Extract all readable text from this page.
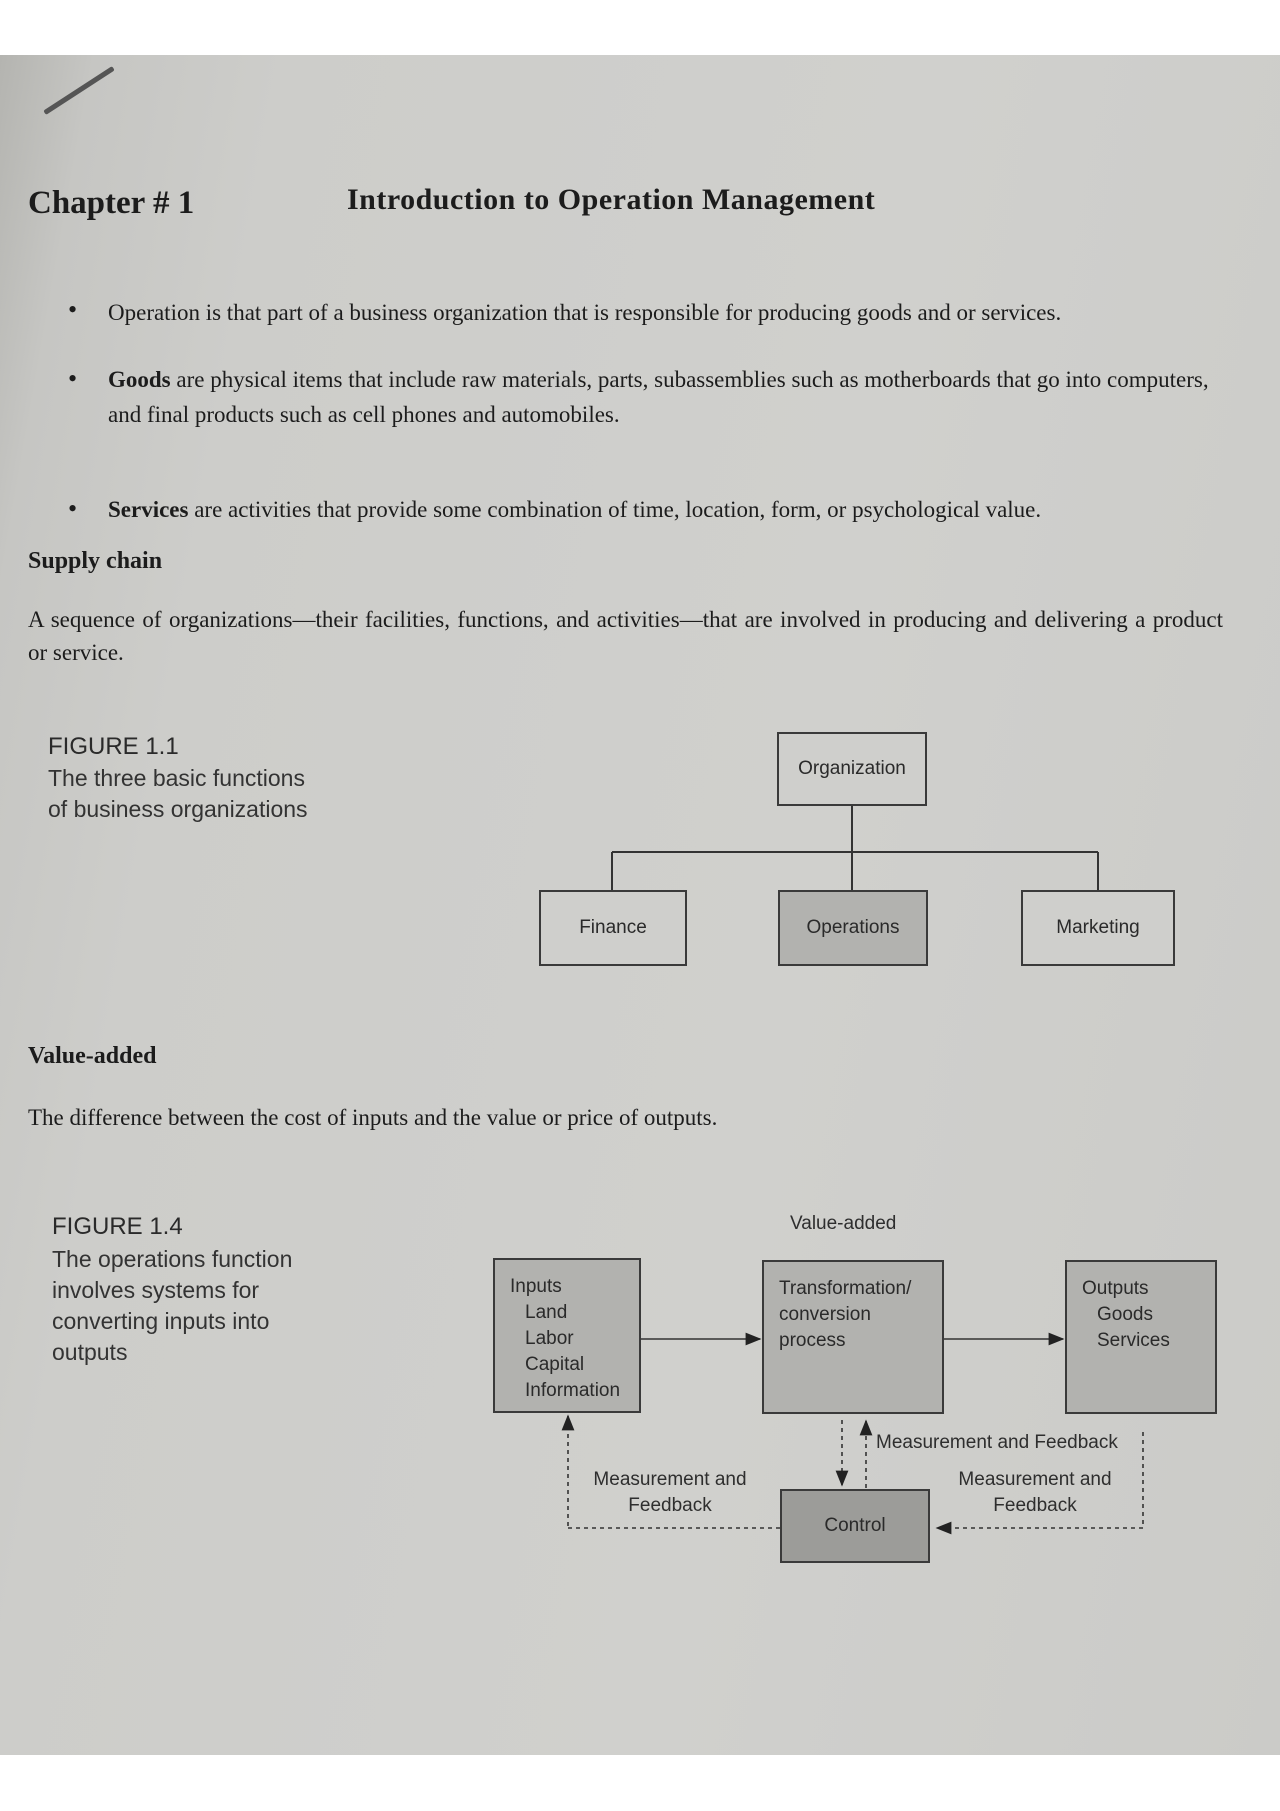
Chapter # 1	Introduction to Operation Management
• Operation is that part of a business organization that is responsible for producing goods and or services.
• Goods are physical items that include raw materials, parts, subassemblies such as motherboards that go into computers, and final products such as cell phones and automobiles.
• Services are activities that provide some combination of time, location, form, or psychological value.
Supply chain
A sequence of organizations—their facilities, functions, and activities—that are involved in producing and delivering a product or service.
FIGURE 1.1
The three basic functions
of business organizations
Organization
Finance	Operations	Marketing
Value-added
The difference between the cost of inputs and the value or price of outputs.
FIGURE 1.4
The operations function
involves systems for
converting inputs into
outputs
Value-added
Inputs
Land
Labor
Capital
Information
Transformation/
conversion
process
Outputs
Goods
Services
Control
Measurement and Feedback
Measurement and
Feedback
Measurement and
Feedback
